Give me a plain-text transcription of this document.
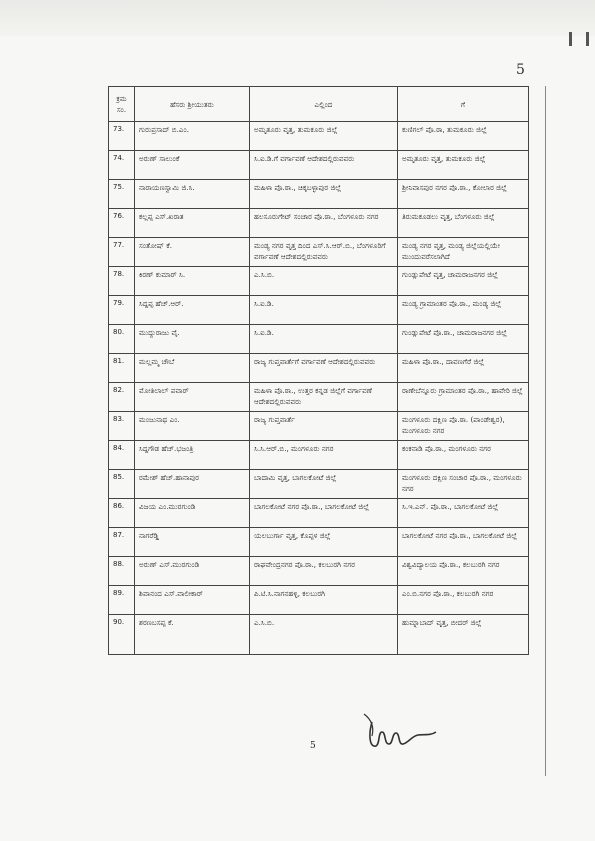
5
ಕ್ರಮ ಸಂ.	ಹೆಸರು ಶ್ರೀಯುತರು	ಎಲ್ಲಿಂದ	ಗೆ
73.	ಗುರುಪ್ರಸಾದ್ ಬಿ.ಎಂ.	ಅಮೃತೂರು ವೃತ್ತ, ತುಮಕೂರು ಜಿಲ್ಲೆ	ಕುಣಿಗಲ್ ಪೊ.ಠಾ, ತುಮಕೂರು ಜಿಲ್ಲೆ
74.	ಅರುಣ್ ಸಾಲುಂಕೆ	ಸಿ.ಐ.ಡಿ.ಗೆ ವರ್ಗಾವಣೆ ಆದೇಶದಲ್ಲಿರುವವರು	ಅಮೃತೂರು ವೃತ್ತ, ತುಮಕೂರು ಜಿಲ್ಲೆ
75.	ನಾರಾಯಣಸ್ವಾಮಿ ಜಿ.ಸಿ.	ಮಹಿಳಾ ಪೊ.ಠಾ., ಚಿಕ್ಕಬಳ್ಳಾಪುರ ಜಿಲ್ಲೆ	ಶ್ರೀನಿವಾಸಪುರ ನಗರ ಪೊ.ಠಾ., ಕೋಲಾರ ಜಿಲ್ಲೆ
76.	ಕಲ್ಲಪ್ಪ ಎಸ್.ಖರಾತ	ಹಲಸೂರುಗೇಟ್ ಸಂಚಾರ ಪೊ.ಠಾ., ಬೆಂಗಳೂರು ನಗರ	ತಿರುಮಕೂಡಲು ವೃತ್ತ, ಬೆಂಗಳೂರು ಜಿಲ್ಲೆ
77.	ಸಂತೋಷ್ ಕೆ.	ಮಂಡ್ಯ ನಗರ ವೃತ್ತ ದಿಂದ ಎಸ್.ಸಿ.ಆರ್.ಬಿ., ಬೆಂಗಳೂರಿಗೆ ವರ್ಗಾವಣೆ ಆದೇಶದಲ್ಲಿರುವವರು	ಮಂಡ್ಯ ನಗರ ವೃತ್ತ, ಮಂಡ್ಯ ಜಿಲ್ಲೆಯಲ್ಲಿಯೇ ಮುಂದುವರೆಸಲಾಗಿದೆ
78.	ಕಿರಣ್ ಕುಮಾರ್ ಸಿ.	ಎ.ಸಿ.ಬಿ.	ಗುಂಡ್ಲುಪೇಟೆ ವೃತ್ತ, ಚಾಮರಾಜನಗರ ಜಿಲ್ಲೆ
79.	ಸಿದ್ದಪ್ಪ ಹೆಚ್.ಆರ್.	ಸಿ.ಐ.ಡಿ.	ಮಂಡ್ಯ ಗ್ರಾಮಾಂತರ ಪೊ.ಠಾ., ಮಂಡ್ಯ ಜಿಲ್ಲೆ
80.	ಮುದ್ದುರಾಜು ವೈ.	ಸಿ.ಐ.ಡಿ.	ಗುಂಡ್ಲುಪೇಟೆ ಪೊ.ಠಾ., ಚಾಮರಾಜನಗರ ಜಿಲ್ಲೆ
81.	ಮಲ್ಲಮ್ಮ ಚೌಬೆ	ರಾಜ್ಯ ಗುಪ್ತವಾರ್ತೆಗೆ ವರ್ಗಾವಣೆ ಆದೇಶದಲ್ಲಿರುವವರು	ಮಹಿಳಾ ಪೊ.ಠಾ., ದಾವಣಗೆರೆ ಜಿಲ್ಲೆ
82.	ಮೋತಿಲಾಲ್ ಪವಾರ್	ಮಹಿಳಾ ಪೊ.ಠಾ., ಉತ್ತರ ಕನ್ನಡ ಜಿಲ್ಲೆಗೆ ವರ್ಗಾವಣೆ ಆದೇಶದಲ್ಲಿರುವವರು	ರಾಣೇಬೆನ್ನೂರು ಗ್ರಾಮಾಂತರ ಪೊ.ಠಾ., ಹಾವೇರಿ ಜಿಲ್ಲೆ
83.	ಮಂಜುನಾಥ ಎಂ.	ರಾಜ್ಯ ಗುಪ್ತವಾರ್ತೆ	ಮಂಗಳೂರು ದಕ್ಷಿಣ ಪೊ.ಠಾ. (ಪಾಂಡೇಶ್ವರ), ಮಂಗಳೂರು ನಗರ
84.	ಸಿದ್ದಗೌಡ ಹೆಚ್.ಭಜಂತ್ರಿ	ಸಿ.ಸಿ.ಆರ್.ಬಿ., ಮಂಗಳೂರು ನಗರ	ಕಂಕನಾಡಿ ಪೊ.ಠಾ., ಮಂಗಳೂರು ನಗರ
85.	ರಮೇಶ್ ಹೆಚ್.ಹಾನಾಪುರ	ಬಾದಾಮಿ ವೃತ್ತ, ಬಾಗಲಕೋಟೆ ಜಿಲ್ಲೆ	ಮಂಗಳೂರು ದಕ್ಷಿಣ ಸಂಚಾರ ಪೊ.ಠಾ., ಮಂಗಳೂರು ನಗರ
86.	ವಿಜಯ ಎಂ.ಮುರಗುಂಡಿ	ಬಾಗಲಕೋಟೆ ನಗರ ಪೊ.ಠಾ., ಬಾಗಲಕೋಟೆ ಜಿಲ್ಲೆ	ಸಿ.ಇ.ಎನ್. ಪೊ.ಠಾ., ಬಾಗಲಕೋಟೆ ಜಿಲ್ಲೆ
87.	ನಾಗರೆಡ್ಡಿ	ಯಲಬುರ್ಗಾ ವೃತ್ತ, ಕೊಪ್ಪಳ ಜಿಲ್ಲೆ	ಬಾಗಲಕೋಟೆ ನಗರ ಪೊ.ಠಾ., ಬಾಗಲಕೋಟೆ ಜಿಲ್ಲೆ
88.	ಅರುಣ್ ಎಸ್.ಮುರಗುಂಡಿ	ರಾಘವೇಂದ್ರನಗರ ಪೊ.ಠಾ., ಕಲಬುರಗಿ ನಗರ	ವಿಶ್ವವಿದ್ಯಾಲಯ ಪೊ.ಠಾ., ಕಲಬುರಗಿ ನಗರ
89.	ಶಿವಾನಂದ ಎಸ್.ವಾಲೀಕಾರ್	ಪಿ.ಟಿ.ಸಿ.ನಾಗನಹಳ್ಳಿ, ಕಲಬುರಗಿ	ಎಂ.ಬಿ.ನಗರ ಪೊ.ಠಾ., ಕಲಬುರಗಿ ನಗರ
90.	ಶರಣಬಸಪ್ಪ ಕೆ.	ಎ.ಸಿ.ಬಿ.	ಹುಮ್ನಾಬಾದ್ ವೃತ್ತ, ಬೀದರ್ ಜಿಲ್ಲೆ
5
